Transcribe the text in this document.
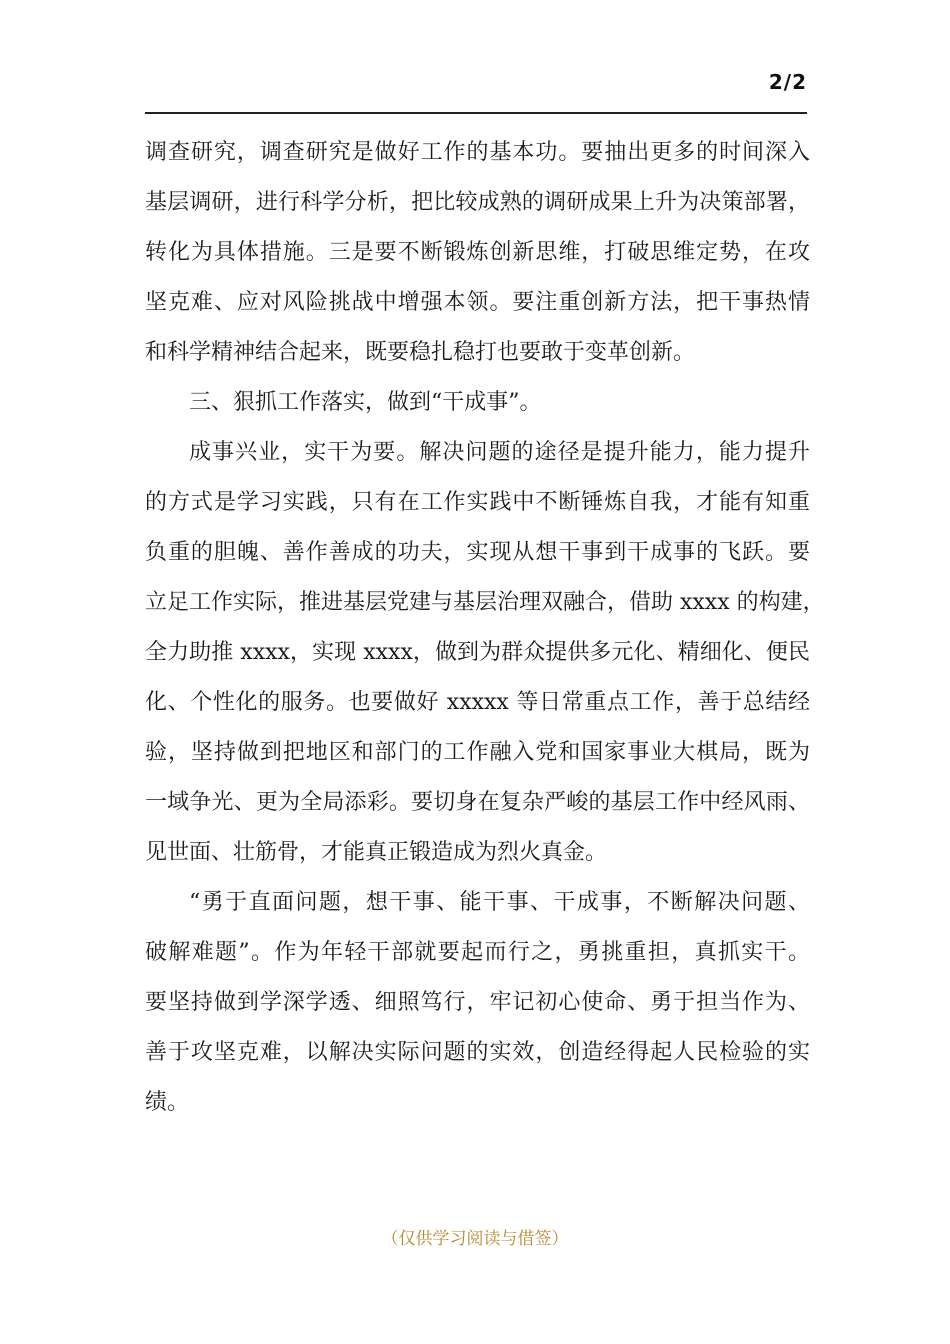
2/2
调查研究，调查研究是做好工作的基本功。要抽出更多的时间深入
基层调研，进行科学分析，把比较成熟的调研成果上升为决策部署，
转化为具体措施。三是要不断锻炼创新思维，打破思维定势，在攻
坚克难、应对风险挑战中增强本领。要注重创新方法，把干事热情
和科学精神结合起来，既要稳扎稳打也要敢于变革创新。
三、狠抓工作落实，做到“干成事”。
成事兴业，实干为要。解决问题的途径是提升能力，能力提升
的方式是学习实践，只有在工作实践中不断锤炼自我，才能有知重
负重的胆魄、善作善成的功夫，实现从想干事到干成事的飞跃。要
立足工作实际，推进基层党建与基层治理双融合，借助 xxxx 的构建，
全力助推 xxxx，实现 xxxx，做到为群众提供多元化、精细化、便民
化、个性化的服务。也要做好 xxxxx 等日常重点工作，善于总结经
验，坚持做到把地区和部门的工作融入党和国家事业大棋局，既为
一域争光、更为全局添彩。要切身在复杂严峻的基层工作中经风雨、
见世面、壮筋骨，才能真正锻造成为烈火真金。
“勇于直面问题，想干事、能干事、干成事，不断解决问题、
破解难题”。作为年轻干部就要起而行之，勇挑重担，真抓实干。
要坚持做到学深学透、细照笃行，牢记初心使命、勇于担当作为、
善于攻坚克难，以解决实际问题的实效，创造经得起人民检验的实
绩。
（仅供学习阅读与借签）
